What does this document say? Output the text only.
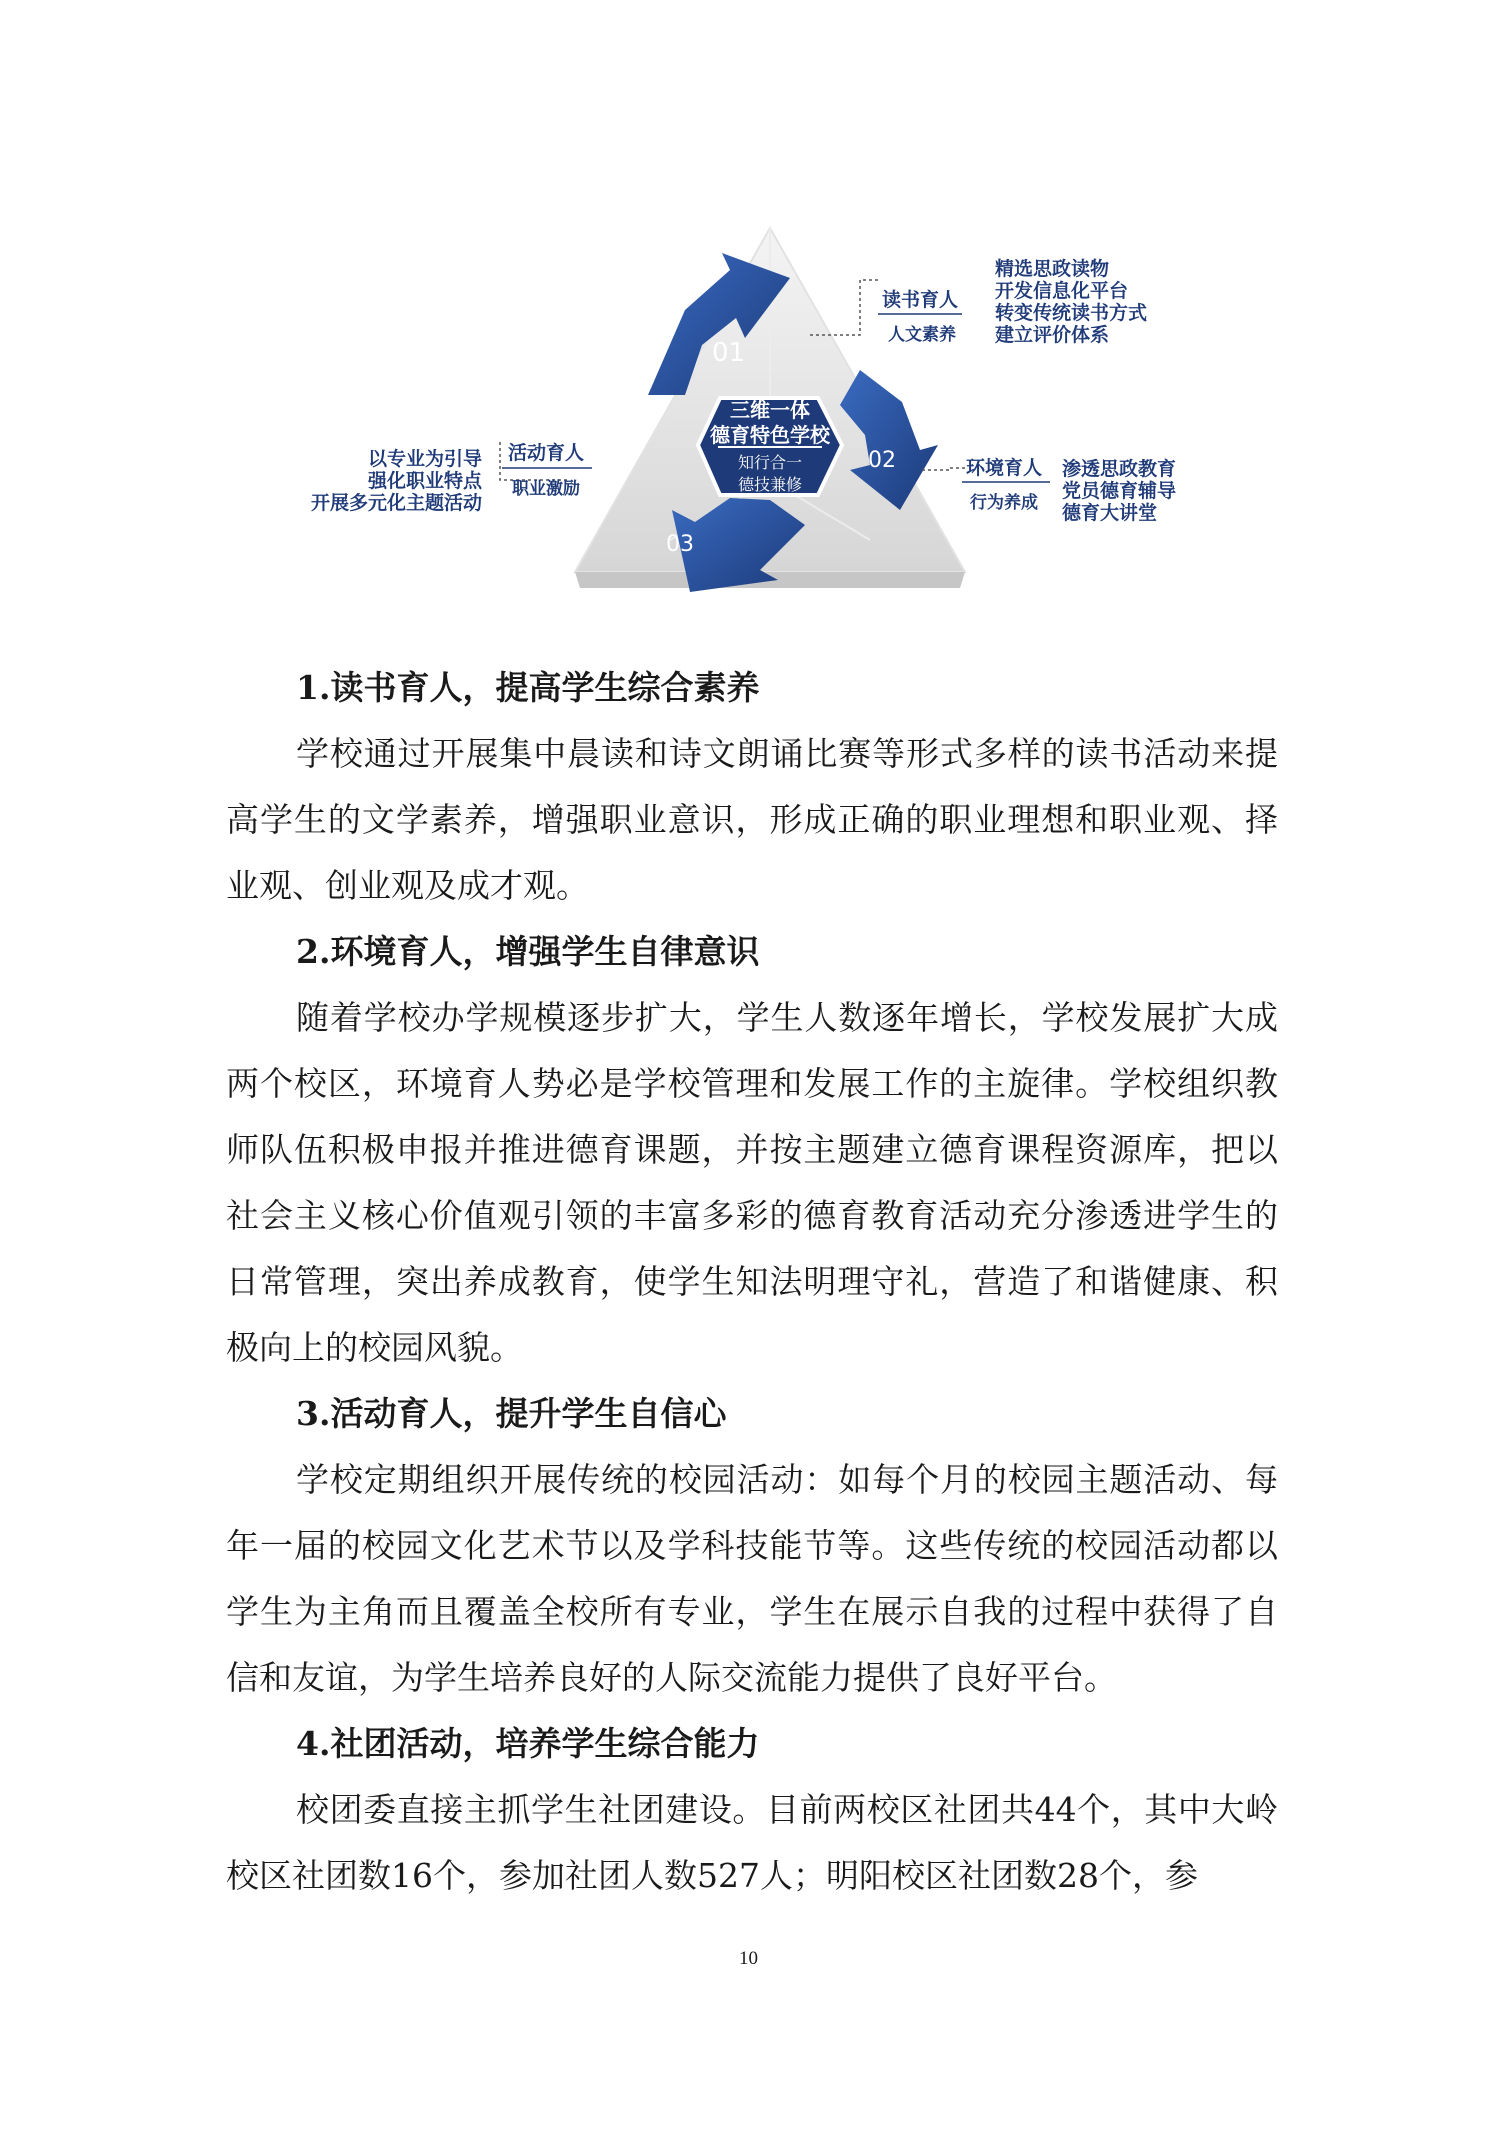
01
02
03
三维一体
德育特色学校
知行合一
德技兼修
读书育人
人文素养
精选思政读物
开发信息化平台
转变传统读书方式
建立评价体系
环境育人
行为养成
渗透思政教育
党员德育辅导
德育大讲堂
活动育人
职业激励
以专业为引导
强化职业特点
开展多元化主题活动
1.读书育人，提高学生综合素养

学校通过开展集中晨读和诗文朗诵比赛等形式多样的读书活动来提高学生的文学素养，增强职业意识，形成正确的职业理想和职业观、择业观、创业观及成才观。

2.环境育人，增强学生自律意识

随着学校办学规模逐步扩大，学生人数逐年增长，学校发展扩大成两个校区，环境育人势必是学校管理和发展工作的主旋律。学校组织教师队伍积极申报并推进德育课题，并按主题建立德育课程资源库，把以社会主义核心价值观引领的丰富多彩的德育教育活动充分渗透进学生的日常管理，突出养成教育，使学生知法明理守礼，营造了和谐健康、积极向上的校园风貌。

3.活动育人，提升学生自信心

学校定期组织开展传统的校园活动：如每个月的校园主题活动、每年一届的校园文化艺术节以及学科技能节等。这些传统的校园活动都以学生为主角而且覆盖全校所有专业，学生在展示自我的过程中获得了自信和友谊，为学生培养良好的人际交流能力提供了良好平台。

4.社团活动，培养学生综合能力

校团委直接主抓学生社团建设。目前两校区社团共44个，其中大岭校区社团数16个，参加社团人数527人；明阳校区社团数28个，参

10
